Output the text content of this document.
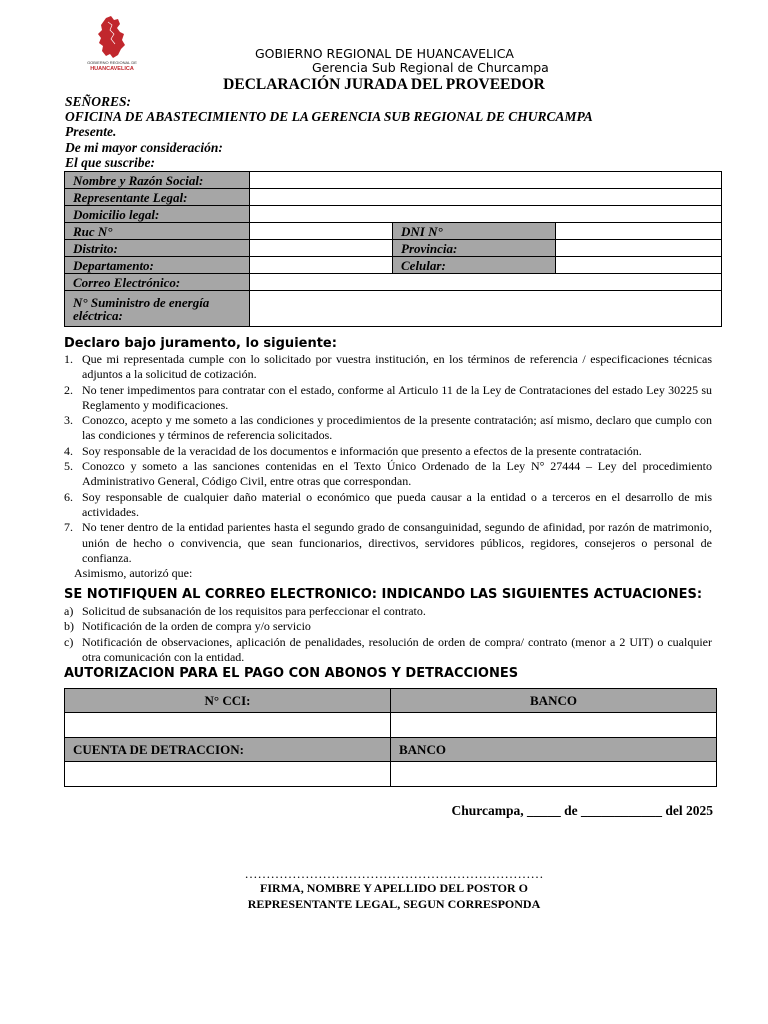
GOBIERNO REGIONAL DE
HUANCAVELICA
GOBIERNO REGIONAL DE HUANCAVELICA
Gerencia Sub Regional de Churcampa
DECLARACIÓN JURADA DEL PROVEEDOR
SEÑORES:
OFICINA DE ABASTECIMIENTO DE LA GERENCIA SUB REGIONAL DE CHURCAMPA
Presente.
De mi mayor consideración:
El que suscribe:
Nombre y Razón Social:			
Representante Legal:			
Domicilio legal:			
Ruc N°		DNI N°	
Distrito:		Provincia:	
Departamento:		Celular:	
Correo Electrónico:			
N° Suministro de energía eléctrica:			
Declaro bajo juramento, lo siguiente:
1. Que mi representada cumple con lo solicitado por vuestra institución, en los términos de referencia / especificaciones técnicas adjuntos a la solicitud de cotización.
2. No tener impedimentos para contratar con el estado, conforme al Articulo 11 de la Ley de Contrataciones del estado Ley 30225 su Reglamento y modificaciones.
3. Conozco, acepto y me someto a las condiciones y procedimientos de la presente contratación; así mismo, declaro que cumplo con las condiciones y términos de referencia solicitados.
4. Soy responsable de la veracidad de los documentos e información que presento a efectos de la presente contratación.
5. Conozco y someto a las sanciones contenidas en el Texto Único Ordenado de la Ley N° 27444 – Ley del procedimiento Administrativo General, Código Civil, entre otras que correspondan.
6. Soy responsable de cualquier daño material o económico que pueda causar a la entidad o a terceros en el desarrollo de mis actividades.
7. No tener dentro de la entidad parientes hasta el segundo grado de consanguinidad, segundo de afinidad, por razón de matrimonio, unión de hecho o convivencia, que sean funcionarios, directivos, servidores públicos, regidores, consejeros o personal de confianza.
Asimismo, autorizó que:
SE NOTIFIQUEN AL CORREO ELECTRONICO: INDICANDO LAS SIGUIENTES ACTUACIONES:
a) Solicitud de subsanación de los requisitos para perfeccionar el contrato.
b) Notificación de la orden de compra y/o servicio
c) Notificación de observaciones, aplicación de penalidades, resolución de orden de compra/ contrato (menor a 2 UIT) o cualquier otra comunicación con la entidad.
AUTORIZACION PARA EL PAGO CON ABONOS Y DETRACCIONES
N° CCI:	BANCO

CUENTA DE DETRACCION:	BANCO

Churcampa, _____ de ____________ del 2025
……………………………………………………………
FIRMA, NOMBRE Y APELLIDO DEL POSTOR O
REPRESENTANTE LEGAL, SEGUN CORRESPONDA
